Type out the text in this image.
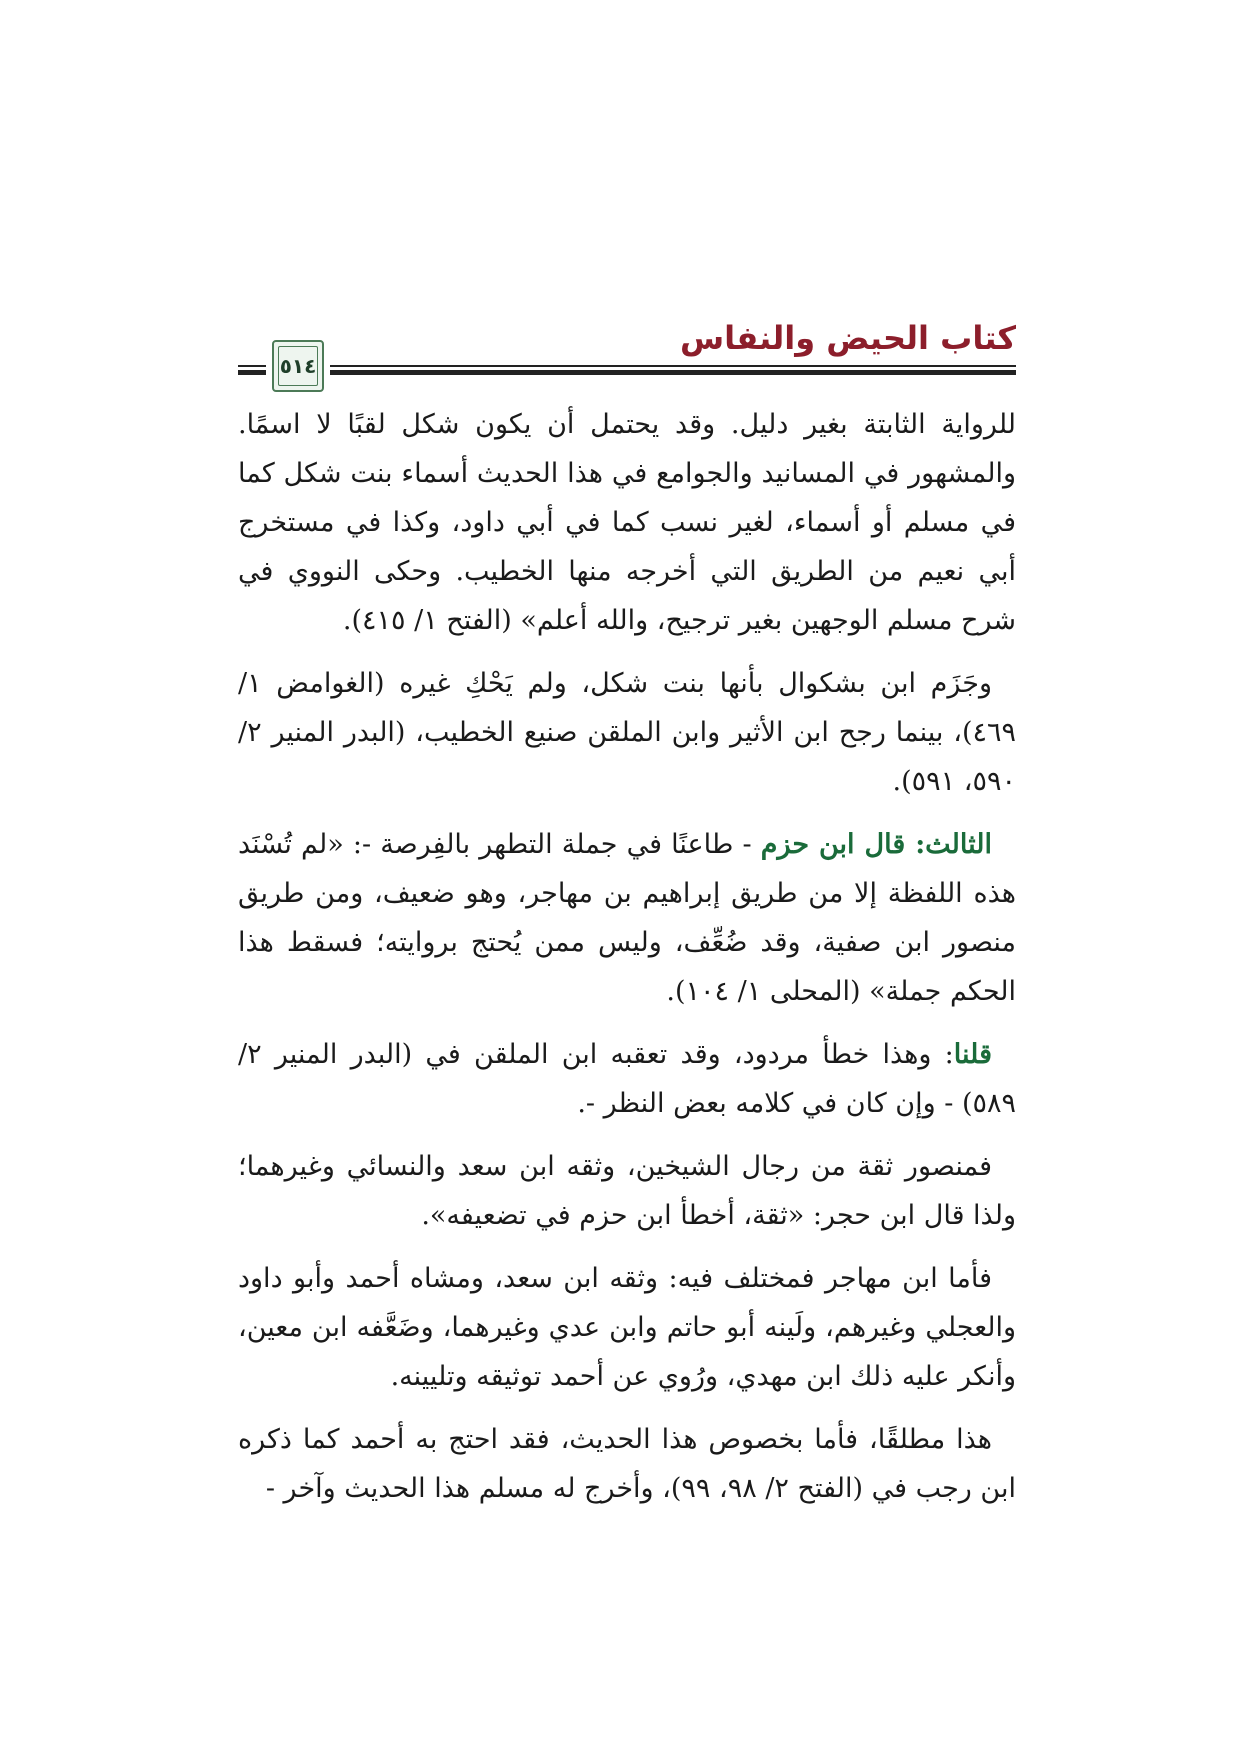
كتاب الحيض والنفاس
٥١٤

للرواية الثابتة بغير دليل. وقد يحتمل أن يكون شكل لقبًا لا اسمًا. والمشهور في المسانيد والجوامع في هذا الحديث أسماء بنت شكل كما في مسلم أو أسماء، لغير نسب كما في أبي داود، وكذا في مستخرج أبي نعيم من الطريق التي أخرجه منها الخطيب. وحكى النووي في شرح مسلم الوجهين بغير ترجيح، والله أعلم» (الفتح ١/ ٤١٥).

وجَزَم ابن بشكوال بأنها بنت شكل، ولم يَحْكِ غيره (الغوامض ١/ ٤٦٩)، بينما رجح ابن الأثير وابن الملقن صنيع الخطيب، (البدر المنير ٢/ ٥٩٠، ٥٩١).

الثالث: قال ابن حزم - طاعنًا في جملة التطهر بالفِرصة -: «لم تُسْنَد هذه اللفظة إلا من طريق إبراهيم بن مهاجر، وهو ضعيف، ومن طريق منصور ابن صفية، وقد ضُعِّف، وليس ممن يُحتج بروايته؛ فسقط هذا الحكم جملة» (المحلى ١/ ١٠٤).

قلنا: وهذا خطأ مردود، وقد تعقبه ابن الملقن في (البدر المنير ٢/ ٥٨٩) - وإن كان في كلامه بعض النظر -.

فمنصور ثقة من رجال الشيخين، وثقه ابن سعد والنسائي وغيرهما؛ ولذا قال ابن حجر: «ثقة، أخطأ ابن حزم في تضعيفه».

فأما ابن مهاجر فمختلف فيه: وثقه ابن سعد، ومشاه أحمد وأبو داود والعجلي وغيرهم، ولَينه أبو حاتم وابن عدي وغيرهما، وضَعَّفه ابن معين، وأنكر عليه ذلك ابن مهدي، ورُوي عن أحمد توثيقه وتليينه.

هذا مطلقًا، فأما بخصوص هذا الحديث، فقد احتج به أحمد كما ذكره ابن رجب في (الفتح ٢/ ٩٨، ٩٩)، وأخرج له مسلم هذا الحديث وآخر -
